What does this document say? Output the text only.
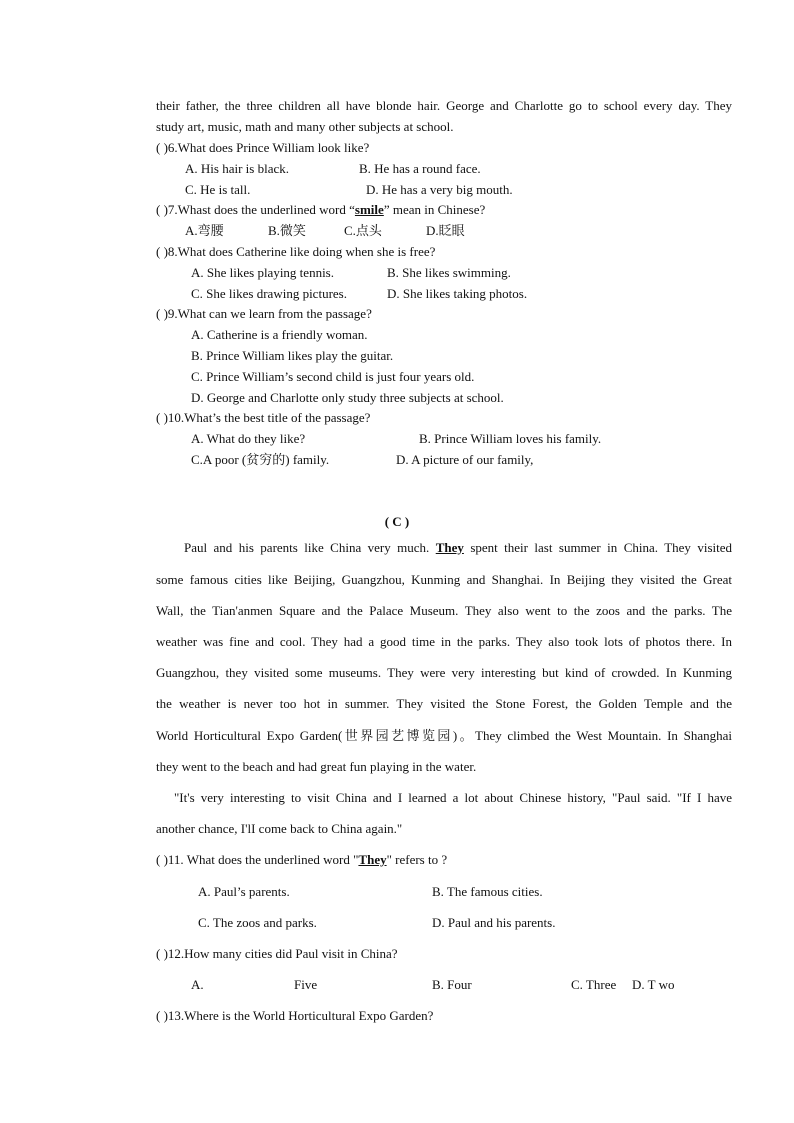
their father, the three children all have blonde hair. George and Charlotte go to school every day. They
study art, music, math and many other subjects at school.
( )6.What does Prince William look like?
A. His hair is black.	B. He has a round face.
C. He is tall.	D. He has a very big mouth.
( )7.Whast does the underlined word “smile” mean in Chinese?
A.弯腰	B.微笑	C.点头	D.眨眼
( )8.What does Catherine like doing when she is free?
A. She likes playing tennis.	B. She likes swimming.
C. She likes drawing pictures.	D. She likes taking photos.
( )9.What can we learn from the passage?
A. Catherine is a friendly woman.
B. Prince William likes play the guitar.
C. Prince William’s second child is just four years old.
D. George and Charlotte only study three subjects at school.
( )10.What’s the best title of the passage?
A. What do they like?	B. Prince William loves his family.
C.A poor (贫穷的) family.	D. A picture of our family,
( C )
Paul and his parents like China very much. They spent their last summer in China. They visited
some famous cities like Beijing, Guangzhou, Kunming and Shanghai. In Beijing they visited the Great
Wall, the Tian'anmen Square and the Palace Museum. They also went to the zoos and the parks. The
weather was fine and cool. They had a good time in the parks. They also took lots of photos there. In
Guangzhou, they visited some museums. They were very interesting but kind of crowded. In Kunming
the weather is never too hot in summer. They visited the Stone Forest, the Golden Temple and the
World Horticultural Expo Garden(世界园艺博览园)。They climbed the West Mountain. In Shanghai
they went to the beach and had great fun playing in the water.
"It's very interesting to visit China and I learned a lot about Chinese history, "Paul said. "If I have
another chance, I'lI come back to China again."
( )11. What does the underlined word "They" refers to ?
A. Paul’s parents.	B. The famous cities.
C. The zoos and parks.	D. Paul and his parents.
( )12.How many cities did Paul visit in China?
A.	Five	B. Four	C. Three D. T wo
( )13.Where is the World Horticultural Expo Garden?
